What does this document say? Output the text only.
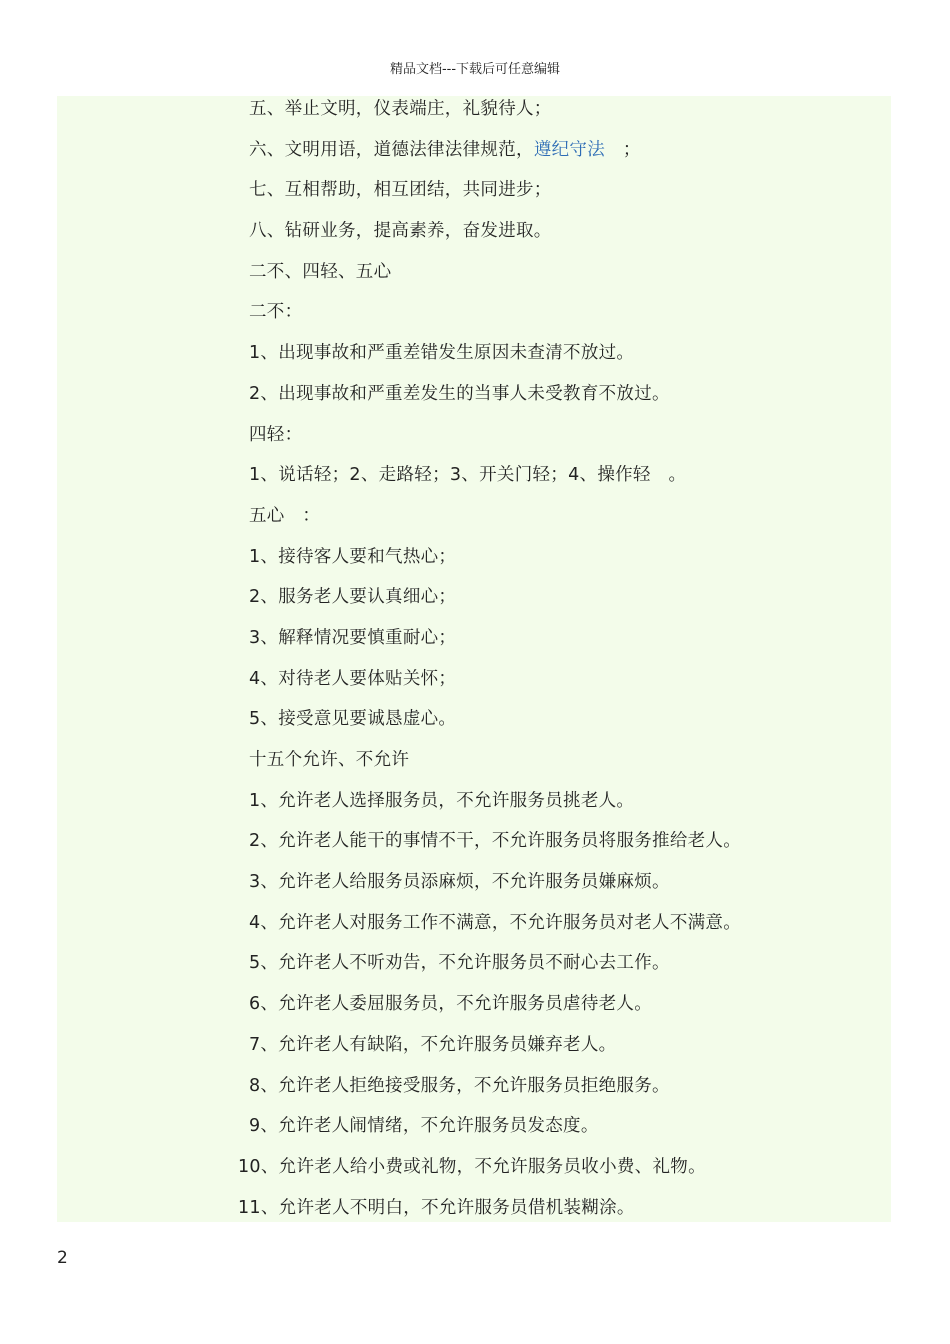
精品文档---下载后可任意编辑
五、举止文明，仪表端庄，礼貌待人；
六、文明用语，道德法律法律规范，遵纪守法　；
七、互相帮助，相互团结，共同进步；
八、钻研业务，提高素养，奋发进取。
二不、四轻、五心
二不：
1、出现事故和严重差错发生原因未查清不放过。
2、出现事故和严重差发生的当事人未受教育不放过。
四轻：
1、说话轻；2、走路轻；3、开关门轻；4、操作轻　。
五心　：
1、接待客人要和气热心；
2、服务老人要认真细心；
3、解释情况要慎重耐心；
4、对待老人要体贴关怀；
5、接受意见要诚恳虚心。
十五个允许、不允许
1、允许老人选择服务员，不允许服务员挑老人。
2、允许老人能干的事情不干，不允许服务员将服务推给老人。
3、允许老人给服务员添麻烦，不允许服务员嫌麻烦。
4、允许老人对服务工作不满意，不允许服务员对老人不满意。
5、允许老人不听劝告，不允许服务员不耐心去工作。
6、允许老人委屈服务员，不允许服务员虐待老人。
7、允许老人有缺陷，不允许服务员嫌弃老人。
8、允许老人拒绝接受服务，不允许服务员拒绝服务。
9、允许老人闹情绪，不允许服务员发态度。
10、允许老人给小费或礼物，不允许服务员收小费、礼物。
11、允许老人不明白，不允许服务员借机装糊涂。
2
